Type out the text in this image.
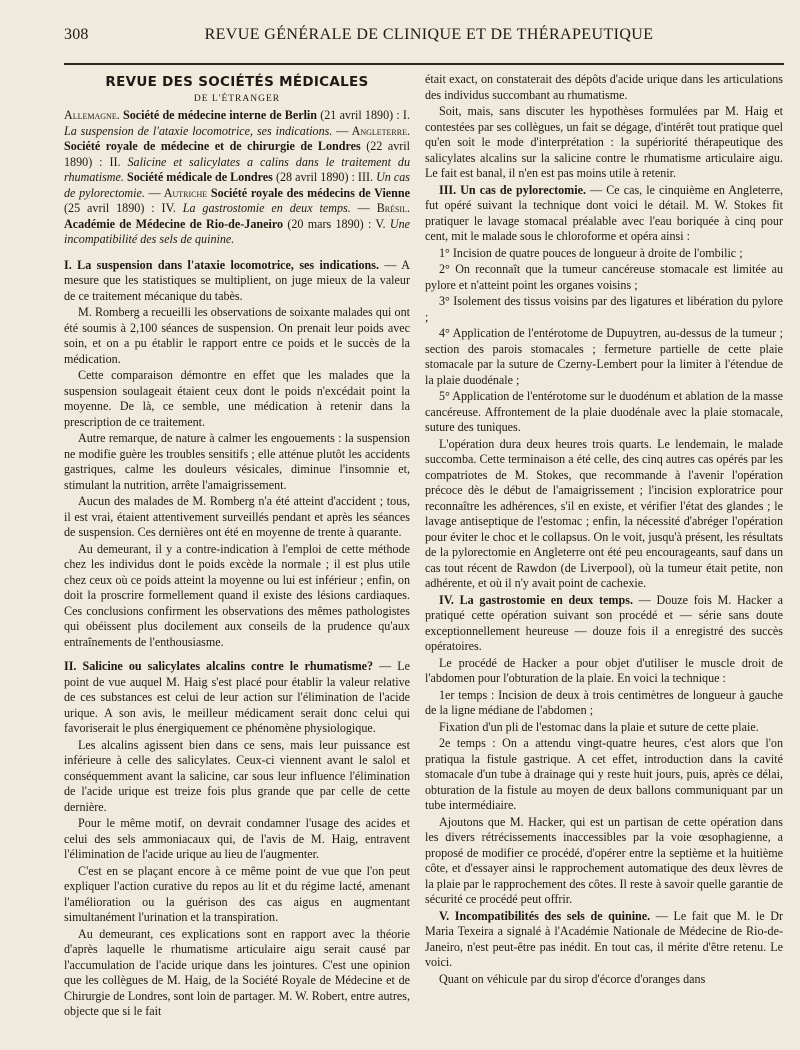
308	REVUE GÉNÉRALE DE CLINIQUE ET DE THÉRAPEUTIQUE

REVUE DES SOCIÉTÉS MÉDICALES

DE L'ÉTRANGER

Allemagne. Société de médecine interne de Berlin (21 avril 1890) : I. La suspension de l'ataxie locomotrice, ses indications. — Angleterre. Société royale de médecine et de chirurgie de Londres (22 avril 1890) : II. Salicine et salicylates a calins dans le traitement du rhumatisme. Société médicale de Londres (28 avril 1890) : III. Un cas de pylorectomie. — Autriche Société royale des médecins de Vienne (25 avril 1890) : IV. La gastrostomie en deux temps. — Brésil. Académie de Médecine de Rio-de-Janeiro (20 mars 1890) : V. Une incompatibilité des sels de quinine.

I. La suspension dans l'ataxie locomotrice, ses indications. — A mesure que les statistiques se multiplient, on juge mieux de la valeur de ce traitement mécanique du tabès.

M. Romberg a recueilli les observations de soixante malades qui ont été soumis à 2,100 séances de suspension. On prenait leur poids avec soin, et on a pu établir le rapport entre ce poids et le succès de la médication.

Cette comparaison démontre en effet que les malades que la suspension soulageait étaient ceux dont le poids n'excédait point la moyenne. De là, ce semble, une médication à retenir dans la prescription de ce traitement.

Autre remarque, de nature à calmer les engouements : la suspension ne modifie guère les troubles sensitifs ; elle atténue plutôt les accidents gastriques, calme les douleurs vésicales, diminue l'insomnie et, stimulant la nutrition, arrête l'amaigrissement.

Aucun des malades de M. Romberg n'a été atteint d'accident ; tous, il est vrai, étaient attentivement surveillés pendant et après les séances de suspension. Ces dernières ont été en moyenne de trente à quarante.

Au demeurant, il y a contre-indication à l'emploi de cette méthode chez les individus dont le poids excède la normale ; il est plus utile chez ceux où ce poids atteint la moyenne ou lui est inférieur ; enfin, on doit la proscrire formellement quand il existe des lésions cardiaques. Ces conclusions confirment les observations des mêmes pathologistes qui obéissent plus docilement aux conseils de la prudence qu'aux entraînements de l'enthousiasme.

II. Salicine ou salicylates alcalins contre le rhumatisme? — Le point de vue auquel M. Haig s'est placé pour établir la valeur relative de ces substances est celui de leur action sur l'élimination de l'acide urique. A son avis, le meilleur médicament serait donc celui qui favoriserait le plus énergiquement ce phénomène physiologique.

Les alcalins agissent bien dans ce sens, mais leur puissance est inférieure à celle des salicylates. Ceux-ci viennent avant le salol et conséquemment avant la salicine, car sous leur influence l'élimination de l'acide urique est treize fois plus grande que par celle de cette dernière.

Pour le même motif, on devrait condamner l'usage des acides et celui des sels ammoniacaux qui, de l'avis de M. Haig, entravent l'élimination de l'acide urique au lieu de l'augmenter.

C'est en se plaçant encore à ce même point de vue que l'on peut expliquer l'action curative du repos au lit et du régime lacté, amenant l'amélioration ou la guérison des cas aigus en augmentant simultanément l'urination et la transpiration.

Au demeurant, ces explications sont en rapport avec la théorie d'après laquelle le rhumatisme articulaire aigu serait causé par l'accumulation de l'acide urique dans les jointures. C'est une opinion que les collègues de M. Haig, de la Société Royale de Médecine et de Chirurgie de Londres, sont loin de partager. M. W. Robert, entre autres, objecte que si le fait

était exact, on constaterait des dépôts d'acide urique dans les articulations des individus succombant au rhumatisme.

Soit, mais, sans discuter les hypothèses formulées par M. Haig et contestées par ses collègues, un fait se dégage, d'intérêt tout pratique quel qu'en soit le mode d'interprétation : la supériorité thérapeutique des salicylates alcalins sur la salicine contre le rhumatisme articulaire aigu. Le fait est banal, il n'en est pas moins utile à retenir.

III. Un cas de pylorectomie. — Ce cas, le cinquième en Angleterre, fut opéré suivant la technique dont voici le détail. M. W. Stokes fit pratiquer le lavage stomacal préalable avec l'eau boriquée à cinq pour cent, mit le malade sous le chloroforme et opéra ainsi :

1° Incision de quatre pouces de longueur à droite de l'ombilic ;

2° On reconnaît que la tumeur cancéreuse stomacale est limitée au pylore et n'atteint point les organes voisins ;

3° Isolement des tissus voisins par des ligatures et libération du pylore ;

4° Application de l'entérotome de Dupuytren, au-dessus de la tumeur ; section des parois stomacales ; fermeture partielle de cette plaie stomacale par la suture de Czerny-Lembert pour la limiter à l'étendue de la plaie duodénale ;

5° Application de l'entérotome sur le duodénum et ablation de la masse cancéreuse. Affrontement de la plaie duodénale avec la plaie stomacale, suture des tuniques.

L'opération dura deux heures trois quarts. Le lendemain, le malade succomba. Cette terminaison a été celle, des cinq autres cas opérés par les compatriotes de M. Stokes, que recommande à l'avenir l'opération précoce dès le début de l'amaigrissement ; l'incision exploratrice pour reconnaître les adhérences, s'il en existe, et vérifier l'état des glandes ; le lavage antiseptique de l'estomac ; enfin, la nécessité d'abréger l'opération pour éviter le choc et le collapsus. On le voit, jusqu'à présent, les résultats de la pylorectomie en Angleterre ont été peu encourageants, sauf dans un cas tout récent de Rawdon (de Liverpool), où la tumeur était petite, non adhérente, et où il n'y avait point de cachexie.

IV. La gastrostomie en deux temps. — Douze fois M. Hacker a pratiqué cette opération suivant son procédé et — série sans doute exceptionnellement heureuse — douze fois il a enregistré des succès opératoires.

Le procédé de Hacker a pour objet d'utiliser le muscle droit de l'abdomen pour l'obturation de la plaie. En voici la technique :

1er temps : Incision de deux à trois centimètres de longueur à gauche de la ligne médiane de l'abdomen ;

Fixation d'un pli de l'estomac dans la plaie et suture de cette plaie.

2e temps : On a attendu vingt-quatre heures, c'est alors que l'on pratiqua la fistule gastrique. A cet effet, introduction dans la cavité stomacale d'un tube à drainage qui y reste huit jours, puis, après ce délai, obturation de la fistule au moyen de deux ballons communiquant par un tube intermédiaire.

Ajoutons que M. Hacker, qui est un partisan de cette opération dans les divers rétrécissements inaccessibles par la voie œsophagienne, a proposé de modifier ce procédé, d'opérer entre la septième et la huitième côte, et d'essayer ainsi le rapprochement automatique des deux lèvres de la plaie par le rapprochement des côtes. Il reste à savoir quelle garantie de sécurité ce procédé peut offrir.

V. Incompatibilités des sels de quinine. — Le fait que M. le Dr Maria Texeira a signalé à l'Académie Nationale de Médecine de Rio-de-Janeiro, n'est peut-être pas inédit. En tout cas, il mérite d'être retenu. Le voici.

Quant on véhicule par du sirop d'écorce d'oranges dans
